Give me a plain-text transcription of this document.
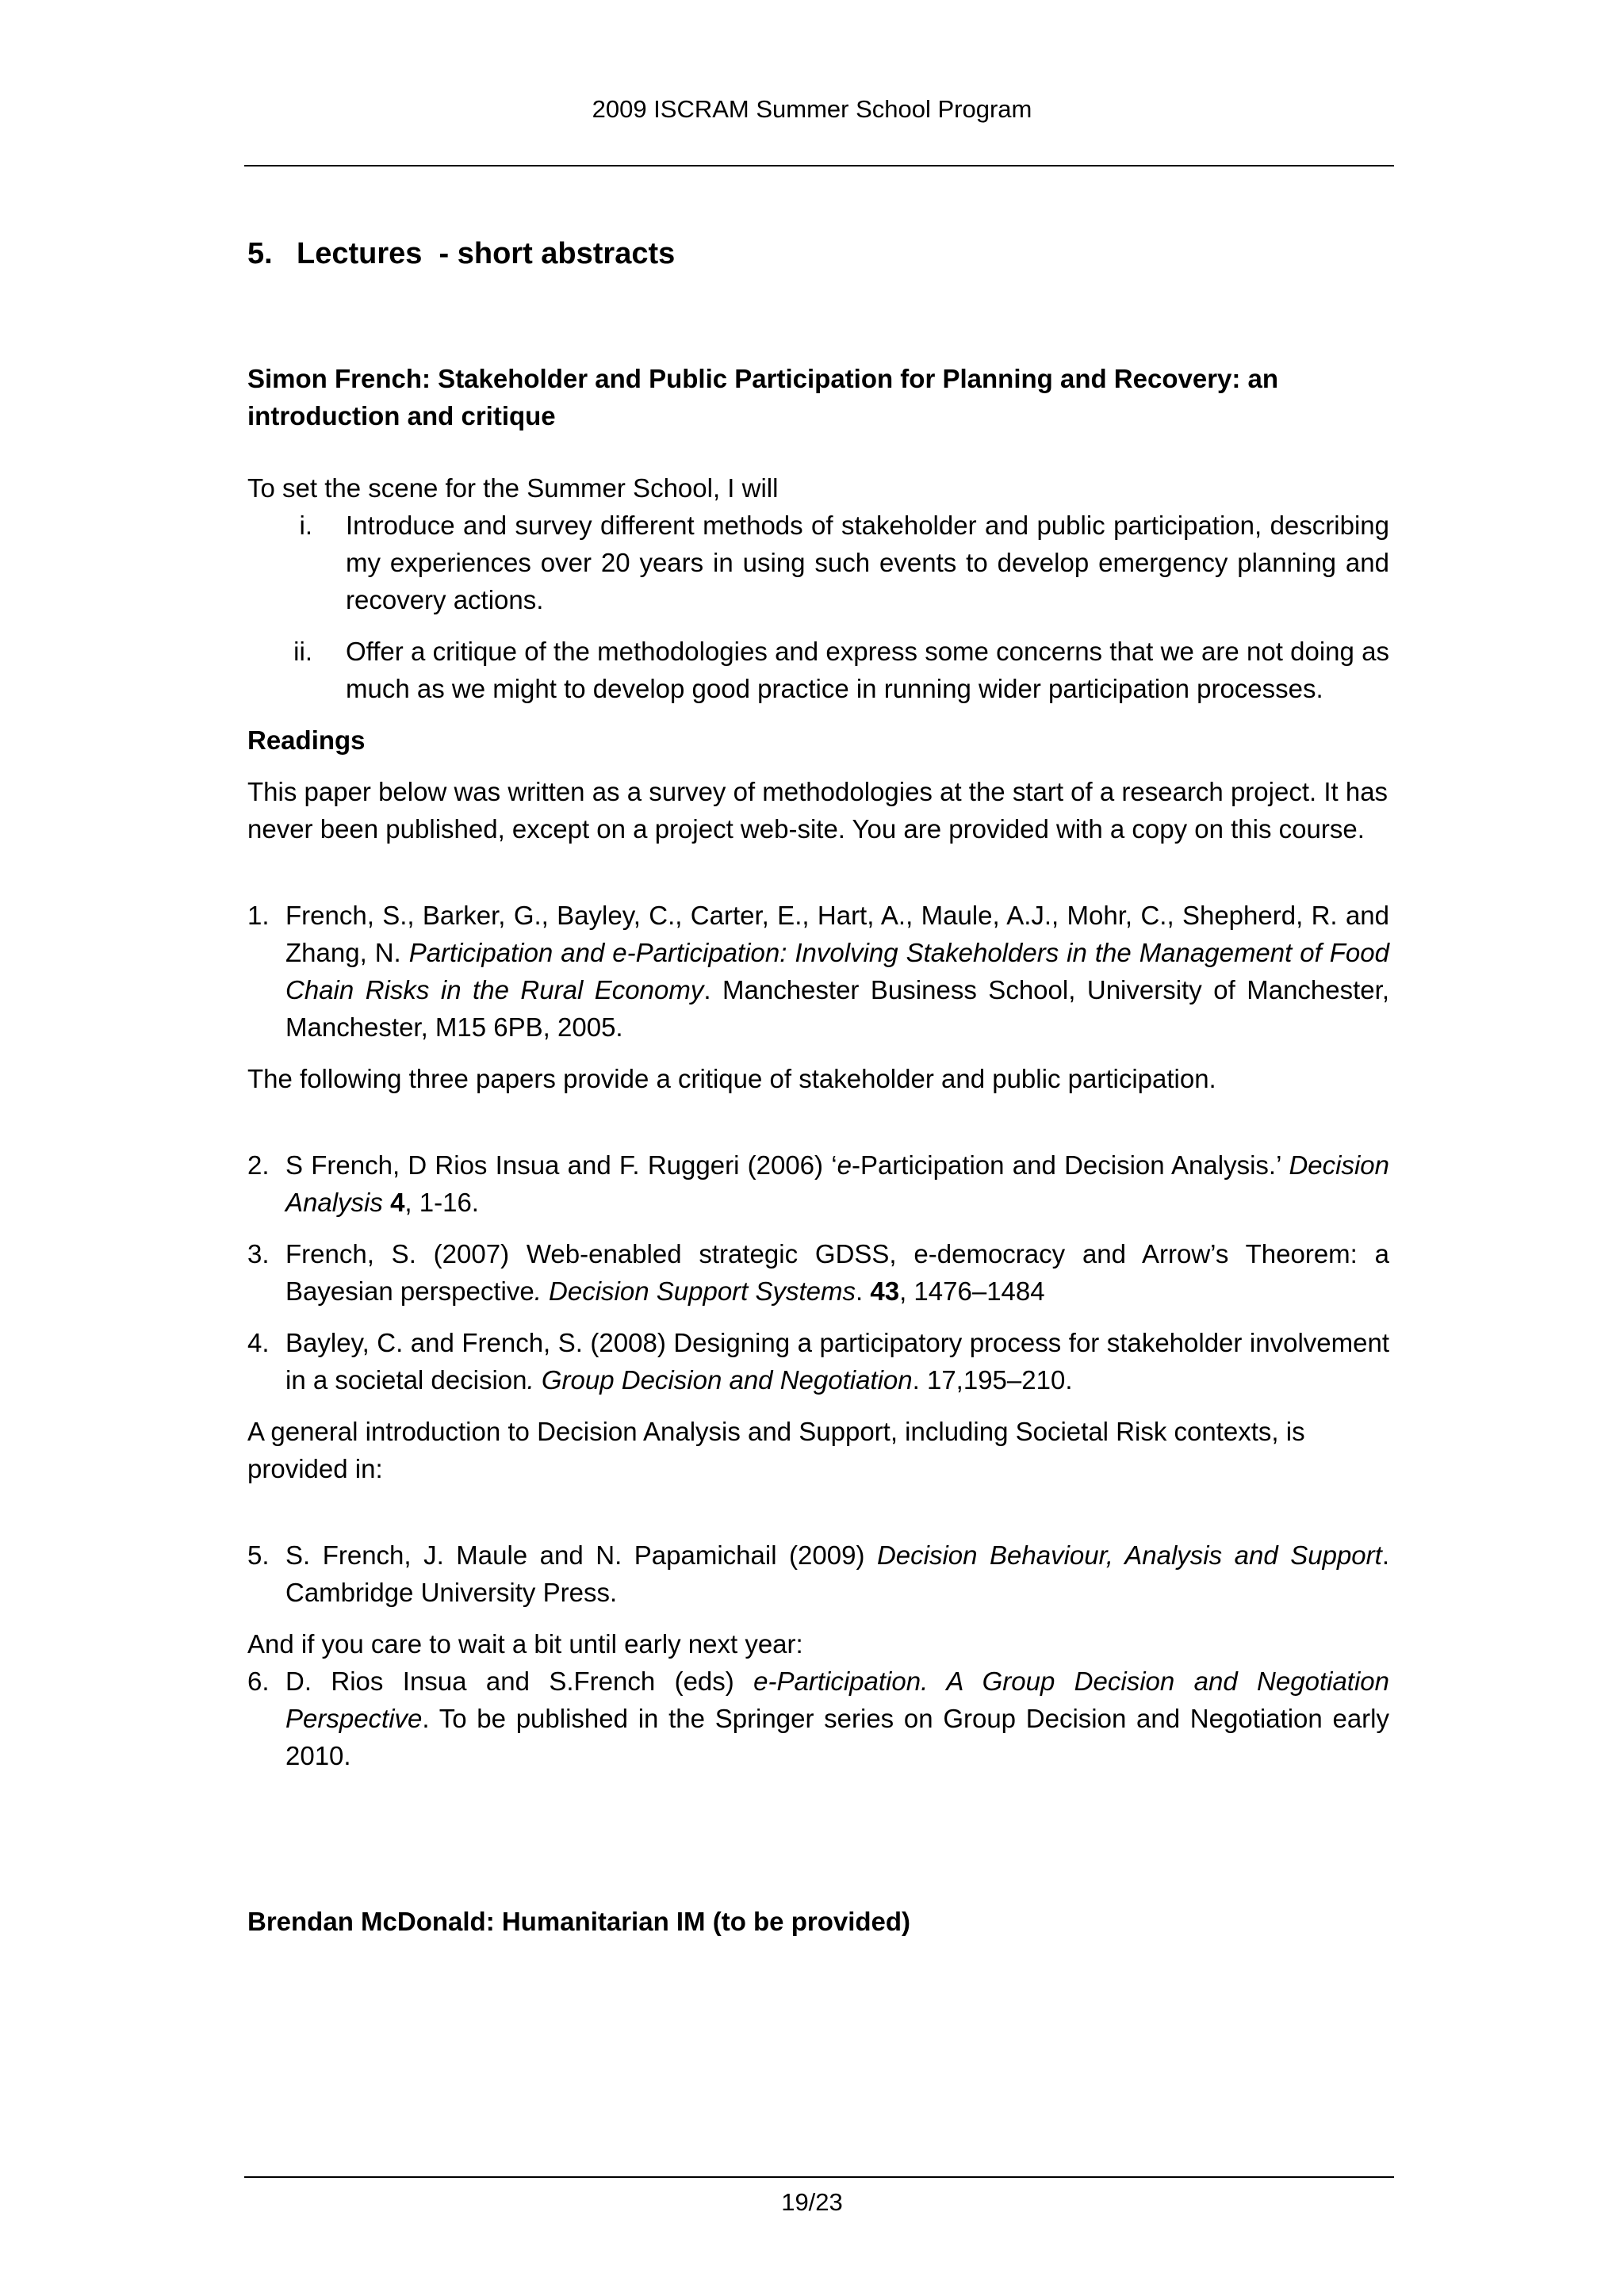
2009 ISCRAM Summer School Program
5. Lectures  - short abstracts
Simon French: Stakeholder and Public Participation for Planning and Recovery: an introduction and critique
To set the scene for the Summer School, I will
i. Introduce and survey different methods of stakeholder and public participation, describing my experiences over 20 years in using such events to develop emergency planning and recovery actions.
ii. Offer a critique of the methodologies and express some concerns that we are not doing as much as we might to develop good practice in running wider participation processes.
Readings
This paper below was written as a survey of methodologies at the start of a research project. It has never been published, except on a project web-site. You are provided with a copy on this course.
1. French, S., Barker, G., Bayley, C., Carter, E., Hart, A., Maule, A.J., Mohr, C., Shepherd, R. and Zhang, N. Participation and e-Participation: Involving Stakeholders in the Management of Food Chain Risks in the Rural Economy. Manchester Business School, University of Manchester, Manchester, M15 6PB, 2005.
The following three papers provide a critique of stakeholder and public participation.
2. S French, D Rios Insua and F. Ruggeri (2006) ‘e-Participation and Decision Analysis.’ Decision Analysis 4, 1-16.
3. French, S. (2007) Web-enabled strategic GDSS, e-democracy and Arrow’s Theorem: a Bayesian perspective. Decision Support Systems. 43, 1476–1484
4. Bayley, C. and French, S. (2008) Designing a participatory process for stakeholder involvement in a societal decision. Group Decision and Negotiation. 17,195–210.
A general introduction to Decision Analysis and Support, including Societal Risk contexts, is provided in:
5. S. French, J. Maule and N. Papamichail (2009) Decision Behaviour, Analysis and Support. Cambridge University Press.
And if you care to wait a bit until early next year:
6. D. Rios Insua and S.French (eds) e-Participation. A Group Decision and Negotiation Perspective. To be published in the Springer series on Group Decision and Negotiation early 2010.
Brendan McDonald: Humanitarian IM (to be provided)
19/23
